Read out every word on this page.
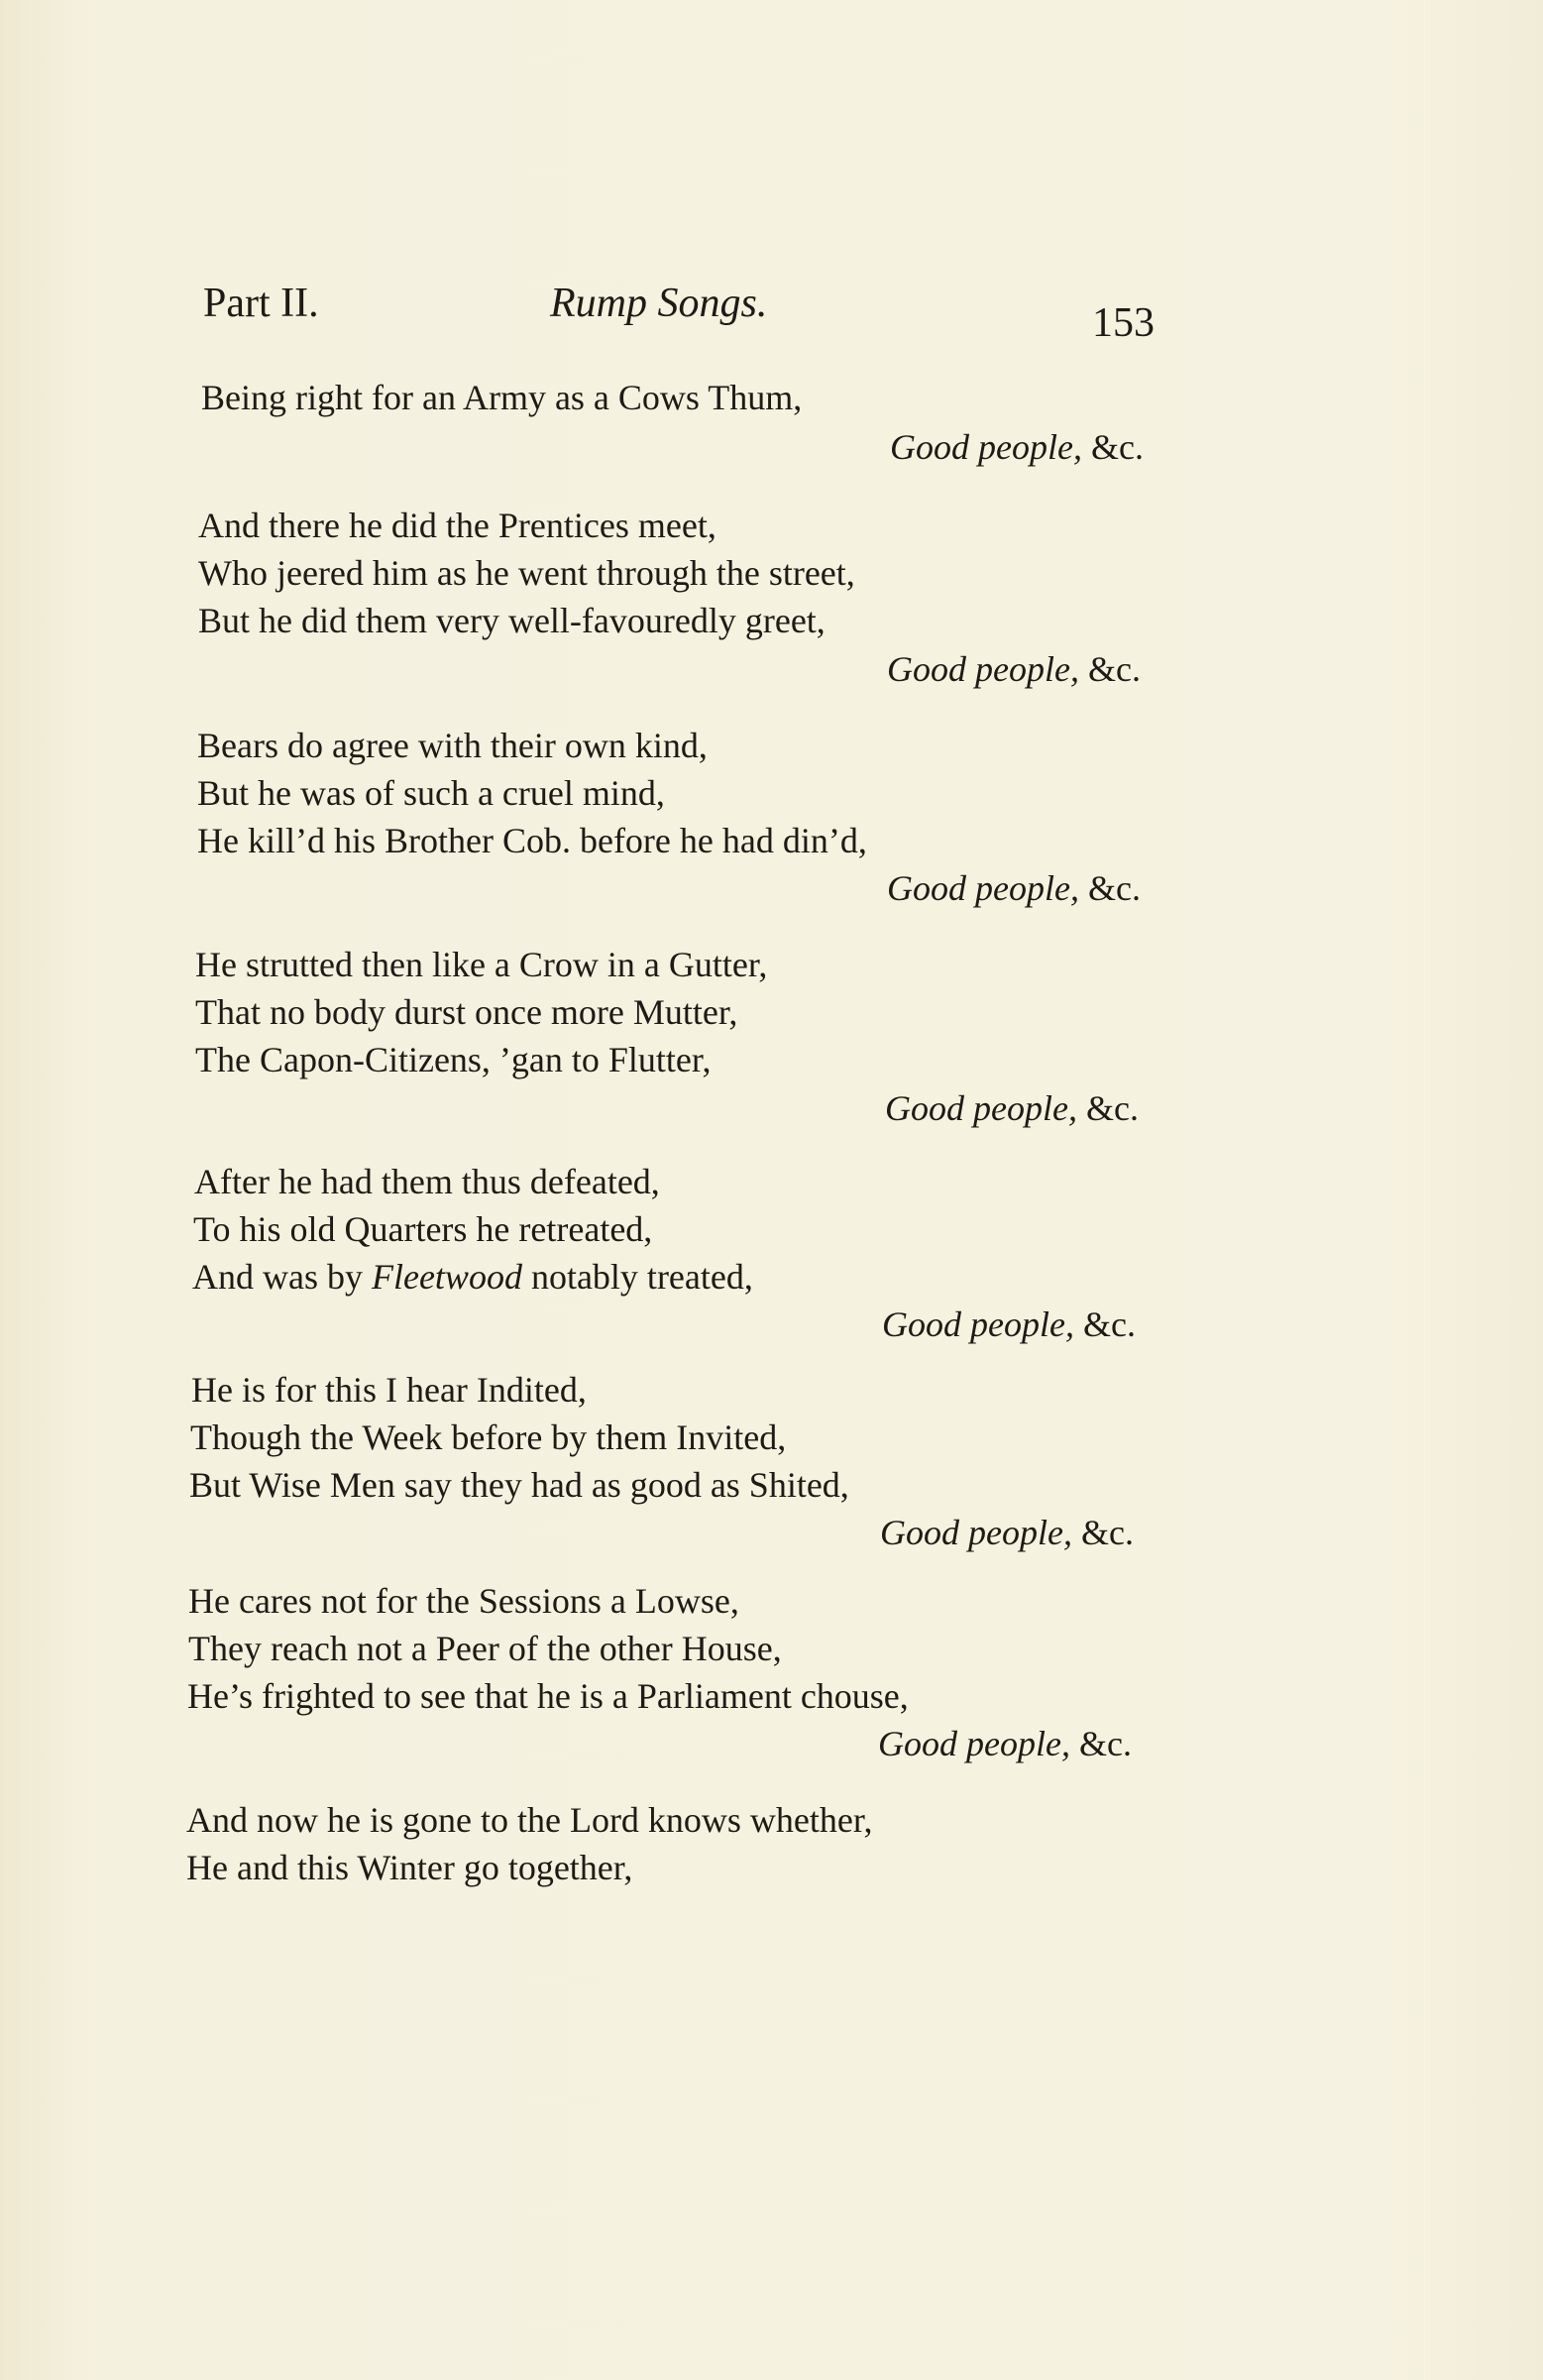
Part II.	Rump Songs.	153
Being right for an Army as a Cows Thum,
Good people, &c.
And there he did the Prentices meet,
Who jeered him as he went through the street,
But he did them very well-favouredly greet,
Good people, &c.
Bears do agree with their own kind,
But he was of such a cruel mind,
He kill’d his Brother Cob. before he had din’d,
Good people, &c.
He strutted then like a Crow in a Gutter,
That no body durst once more Mutter,
The Capon-Citizens, ’gan to Flutter,
Good people, &c.
After he had them thus defeated,
To his old Quarters he retreated,
And was by Fleetwood notably treated,
Good people, &c.
He is for this I hear Indited,
Though the Week before by them Invited,
But Wise Men say they had as good as Shited,
Good people, &c.
He cares not for the Sessions a Lowse,
They reach not a Peer of the other House,
He’s frighted to see that he is a Parliament chouse,
Good people, &c.
And now he is gone to the Lord knows whether,
He and this Winter go together,
